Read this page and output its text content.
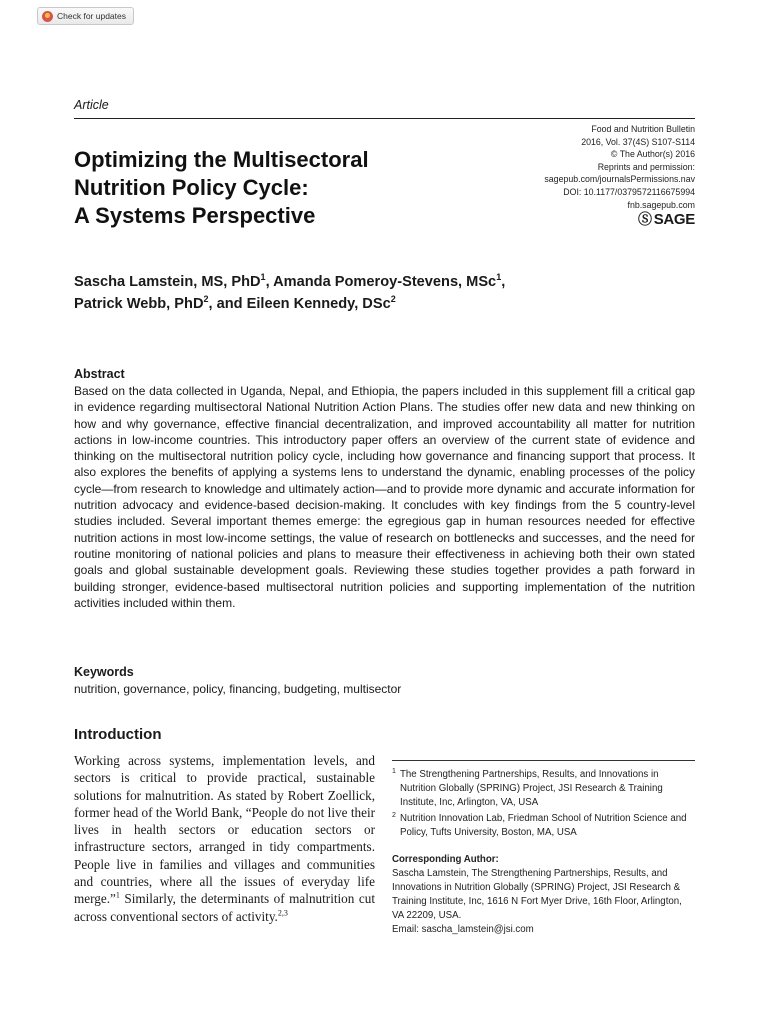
Check for updates
Article
Optimizing the Multisectoral
Nutrition Policy Cycle:
A Systems Perspective
Food and Nutrition Bulletin
2016, Vol. 37(4S) S107-S114
© The Author(s) 2016
Reprints and permission:
sagepub.com/journalsPermissions.nav
DOI: 10.1177/0379572116675994
fnb.sagepub.com
Ⓢ SAGE
Sascha Lamstein, MS, PhD$^1$, Amanda Pomeroy-Stevens, MSc$^1$,
Patrick Webb, PhD$^2$, and Eileen Kennedy, DSc$^2$
Abstract

Based on the data collected in Uganda, Nepal, and Ethiopia, the papers included in this supplement fill a critical gap in evidence regarding multisectoral National Nutrition Action Plans. The studies offer new data and new thinking on how and why governance, effective financial decentralization, and improved accountability all matter for nutrition actions in low-income countries. This introductory paper offers an overview of the current state of evidence and thinking on the multisectoral nutrition policy cycle, including how governance and financing support that process. It also explores the benefits of applying a systems lens to understand the dynamic, enabling processes of the policy cycle—from research to knowledge and ultimately action—and to provide more dynamic and accurate information for nutrition advocacy and evidence-based decision-making. It concludes with key findings from the 5 country-level studies included. Several important themes emerge: the egregious gap in human resources needed for effective nutrition actions in most low-income settings, the value of research on bottlenecks and successes, and the need for routine monitoring of national policies and plans to measure their effectiveness in achieving both their own stated goals and global sustainable development goals. Reviewing these studies together provides a path forward in building stronger, evidence-based multisectoral nutrition policies and supporting implementation of the nutrition activities included within them.

Keywords
nutrition, governance, policy, financing, budgeting, multisector
Introduction

Working across systems, implementation levels, and sectors is critical to provide practical, sustainable solutions for malnutrition. As stated by Robert Zoellick, former head of the World Bank, “People do not live their lives in health sectors or education sectors or infrastructure sectors, arranged in tidy compartments. People live in families and villages and communities and countries, where all the issues of everyday life merge.”$^1$ Similarly, the determinants of malnutrition cut across conventional sectors of activity.$^{2,3}$

1 The Strengthening Partnerships, Results, and Innovations in Nutrition Globally (SPRING) Project, JSI Research & Training Institute, Inc, Arlington, VA, USA
2 Nutrition Innovation Lab, Friedman School of Nutrition Science and Policy, Tufts University, Boston, MA, USA
Corresponding Author:
Sascha Lamstein, The Strengthening Partnerships, Results, and Innovations in Nutrition Globally (SPRING) Project, JSI Research & Training Institute, Inc, 1616 N Fort Myer Drive, 16th Floor, Arlington, VA 22209, USA.
Email: sascha_lamstein@jsi.com
